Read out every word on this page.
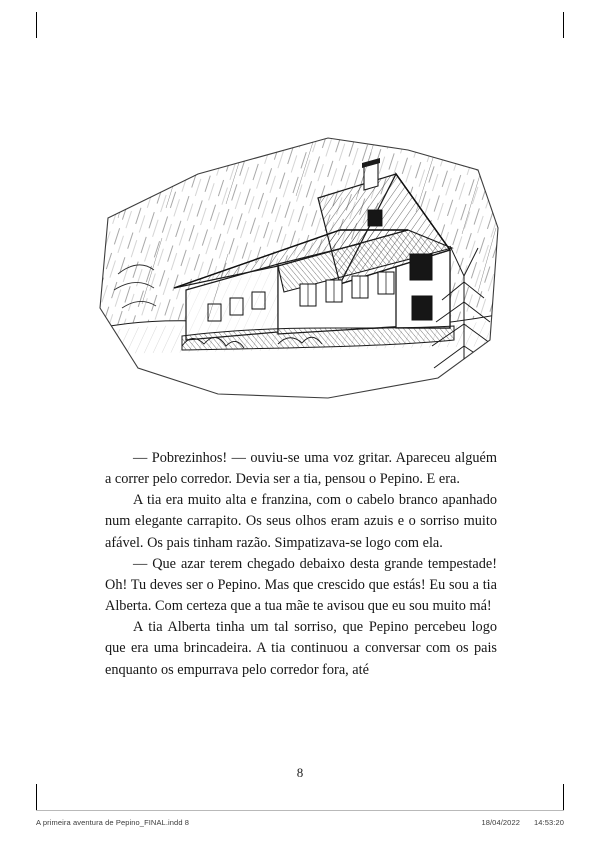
— Pobrezinhos! — ouviu-se uma voz gritar. Apareceu alguém a correr pelo corredor. Devia ser a tia, pensou o Pepino. E era.

A tia era muito alta e franzina, com o cabelo branco apanhado num elegante carrapito. Os seus olhos eram azuis e o sorriso muito afável. Os pais tinham razão. Simpatizava-se logo com ela.

— Que azar terem chegado debaixo desta grande tempestade! Oh! Tu deves ser o Pepino. Mas que crescido que estás! Eu sou a tia Alberta. Com certeza que a tua mãe te avisou que eu sou muito má!

A tia Alberta tinha um tal sorriso, que Pepino percebeu logo que era uma brincadeira. A tia continuou a conversar com os pais enquanto os empurrava pelo corredor fora, até

8
A primeira aventura de Pepino_FINAL.indd 8	18/04/2022 14:53:20
